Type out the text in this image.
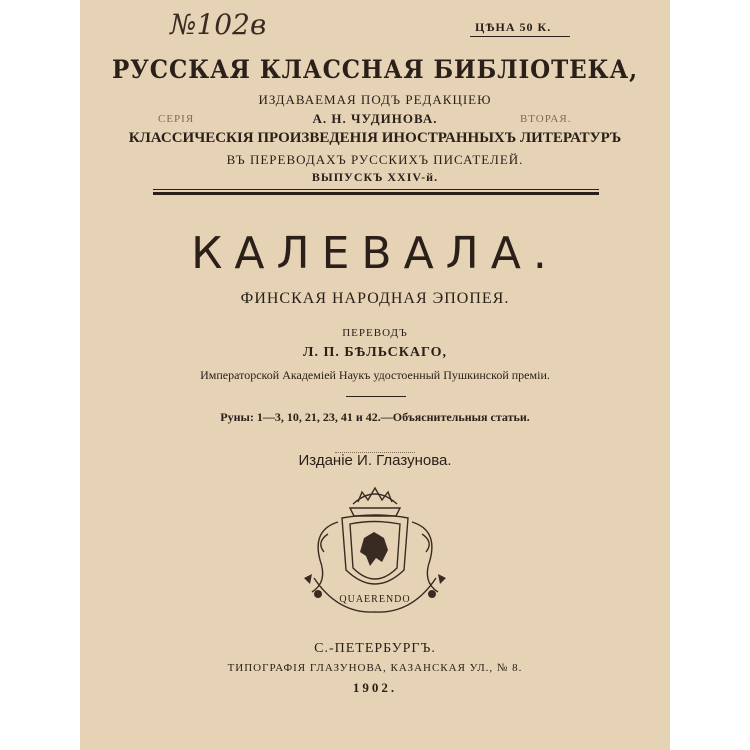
№102в	ЦѢНА 50 К.
РУССКАЯ КЛАССНАЯ БИБЛІОТЕКА,
ИЗДАВАЕМАЯ ПОДЪ РЕДАКЦІЕЮ
А. Н. ЧУДИНОВА.
СЕРІЯ	ВТОРАЯ.
КЛАССИЧЕСКІЯ ПРОИЗВЕДЕНІЯ ИНОСТРАННЫХЪ ЛИТЕРАТУРЪ
ВЪ ПЕРЕВОДАХЪ РУССКИХЪ ПИСАТЕЛЕЙ.
ВЫПУСКЪ XXIV-й.
КАЛЕВАЛА.
ФИНСКАЯ НАРОДНАЯ ЭПОПЕЯ.
ПЕРЕВОДЪ
Л. П. БѢЛЬСКАГО,
Императорской Академіей Наукъ удостоенный Пушкинской преміи.
Руны: 1—3, 10, 21, 23, 41 и 42.—Объяснительныя статьи.
Изданіе И. Глазунова.
QUAERENDO
С.-ПЕТЕРБУРГЪ.
ТИПОГРАФІЯ ГЛАЗУНОВА, КАЗАНСКАЯ УЛ., № 8.
1902.
